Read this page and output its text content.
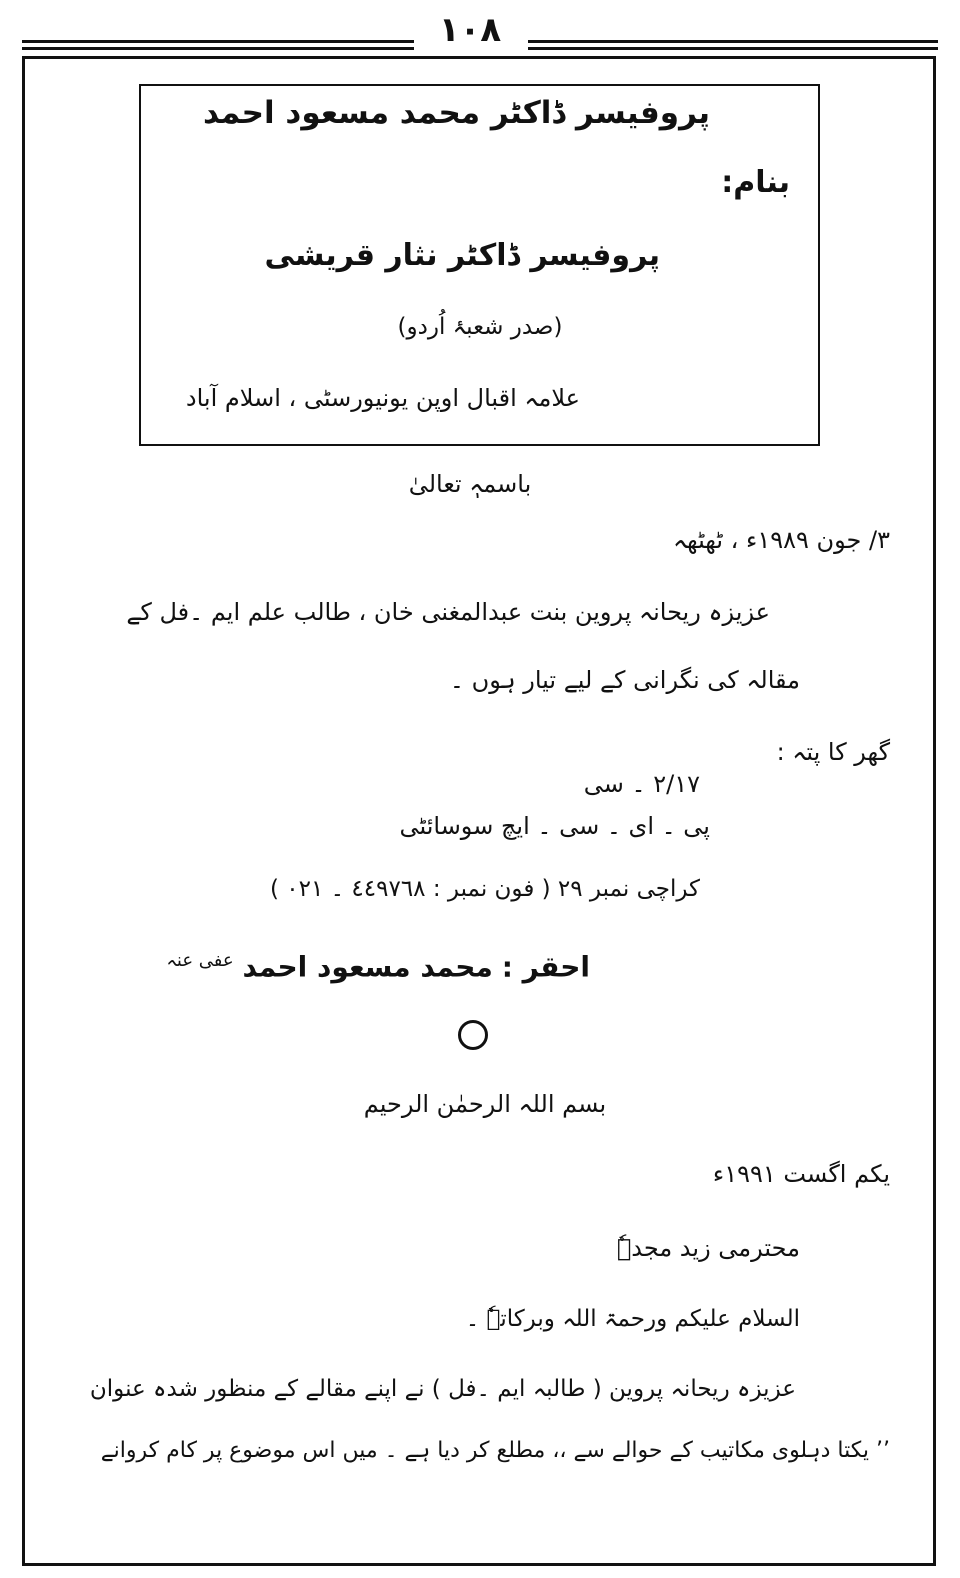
١٠٨
پروفیسر ڈاکٹر محمد مسعود احمد
بنام:
پروفیسر ڈاکٹر نثار قریشی
(صدر شعبۂ اُردو)
علامہ اقبال اوپن یونیورسٹی ، اسلام آباد
باسمہٖ تعالیٰ
٣/ جون ١٩٨٩ء ، ٹھٹھہ
عزیزہ ریحانہ پروین بنت عبدالمغنی خان ، طالب علم ایم ۔فل کے
مقالہ کی نگرانی کے لیے تیار ہوں ۔
گھر کا پتہ :
٢/١٧ ۔ سی
پی ۔ ای ۔ سی ۔ ایچ سوسائٹی
کراچی نمبر ٢٩ ( فون نمبر : ٤٤٩٧٦٨ ۔ ٠٢١ )
احقر : محمد مسعود احمد $^{عفی عنہ}$
بسم اللہ الرحمٰن الرحیم
یکم اگست ١٩٩١ء
محترمی زید مجدہٗ
السلام علیکم ورحمۃ اللہ وبرکاتہٗ ۔
عزیزہ ریحانہ پروین ( طالبہ ایم ۔فل ) نے اپنے مقالے کے منظور شدہ عنوان
’’ یکتا دہلوی مکاتیب کے حوالے سے ،، مطلع کر دیا ہے ۔ میں اس موضوع پر کام کروانے
